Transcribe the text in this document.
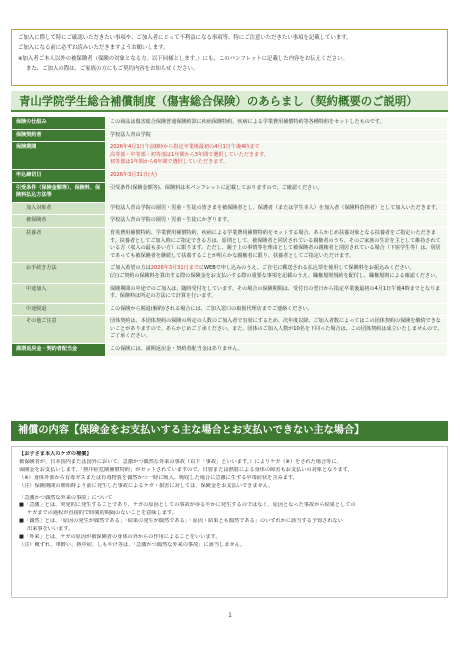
ご加入に際して特にご確認いただきたい事項や、ご加入者にとって不利益になる事項等、特にご注意いただきたい事項を記載しています。

ご加入になる前に必ずお読みいただきますようお願いします。

※加入者ご本人以外の被保険者（保険の対象となる方。以下同様とします。）にも、このパンフレットに記載した内容をお伝えください。

また、ご加入の際は、ご家族の方にもご契約内容をお知らせください。

青山学院学生総合補償制度（傷害総合保険）のあらまし（契約概要のご説明）
保険の仕組み	この商品は傷害総合保険普通保険約款に疾病保険特約、疾病による学業費用補償特約等各種特約をセットしたものです。
保険契約者	学校法人青山学院
保険期間	2026年4月1日午前0時から指定卒業後最初の4月1日午後4時まで
高等部・中等部・初等部は1年間から3年間で選択していただきます。
初等部は1年間から6年間で選択していただきます。

申込締切日	2026年3月31日(火)
引受条件（保険金額等）、保険料、保険料払込方法等	引受条件(保険金額等)、保険料は本パンフレットに記載しておりますので、ご確認ください。
加入対象者	学校法人青山学院の園児・児童・生徒の皆さまを被保険者とし、保護者（または学生本人）を加入者（保険料負担者）として加入いただきます。
被保険者	学校法人青山学院の園児・児童・生徒にかぎります。
扶養者	育英費用補償特約、学業費用補償特約、疾病による学業費用補償特約をセットする場合、あらかじめ扶養対象となる扶養者をご指定いただきます。扶養者としてご加入時にご指定できる方は、原則として、被保険者と同居されている親権者のうち、そのご家族の生計を主として維持されている方（収入の最も多い方）に限ります。ただし、親子上の事情等を理由として被保険者の親権者と別居されている場合（下宿学生等）は、別居であっても被保険者を継続して扶養することが明らかな親権者に限り、扶養者としてご指定いただけます。
お手続き方法	ご加入希望の方は2026年3月31日までにWEBで申し込みのうえ、ご自宅に郵送される払込票を使用して保険料をお振込みください。
(注)ご契約の保険料を算出する際の保険金をお支払いする際の重要な事項を記載のうえ、職権規則規約を配付し、職権規則による確認ください。

中途加入	保険期間の中途でのご加入は、随時受付をしています。その場合の保険期間は、受付日の翌日から指定卒業後最初の4月1日午後4時までとなります。保険料は所定の方法にて計算を行います。
中途脱退	この保険から脱退(解約)される場合には、ご加入窓口の取扱代理店までご連絡ください。
その他ご注意	団体契約は、本団体契約の保険の所定の人数のご加入者で有効にするため、次年度以降、ご加入者数によってはこの団体契約の保険を継続できないことがありますので、あらかじめご了承ください。また、団体のご加入人数が10名を下回った場合は、この団体契約は成立いたしませんので、ご了承ください。
満期返戻金・契約者配当金	この保険には、満期返戻金・契約者配当金はありません。
補償の内容【保険金をお支払いする主な場合とお支払いできない主な場合】

【お子さま本人のケガの補償】

被保険者が、日本国内または国外において、急激かつ偶然な外来の事故（以下「事故」といいます。）によりケガ（※）をされた場合等に、

保険金をお支払いします。「熱中症危険補償特約」がセットされていますので、日射または熱射による身体の障害もお支払いの対象となります。

（※）身体外部から有毒ガスまたは有毒物質を偶然かつ一時に吸入、吸収した場合に急激に生ずる中毒症状を含みます。

（注）保険期間の開始時より前に発生した事故によるケガ・損害に対しては、保険金をお支払いできません。

「急激かつ偶然な外来の事故」について

■「急激」とは、突発的に発生することであり、ケガの原因としての事故がゆるやかに発生するのではなく、原因となった事故から結果としての

ケガまでの過程が直接的で時間的間隔のないことを意味します。

■「偶然」とは、「原因の発生が偶然である」「結果の発生が偶然である」「原因・結果とも偶然である」のいずれかに該当する予知されない

出来事をいいます。

■「外来」とは、ケガの原因が被保険者の身体の外からの作用によることをいいます。

（注）靴ずれ、車酔い、熱中症、しもやけ等は、「急激かつ偶然な外来の事故」に該当しません。

1
